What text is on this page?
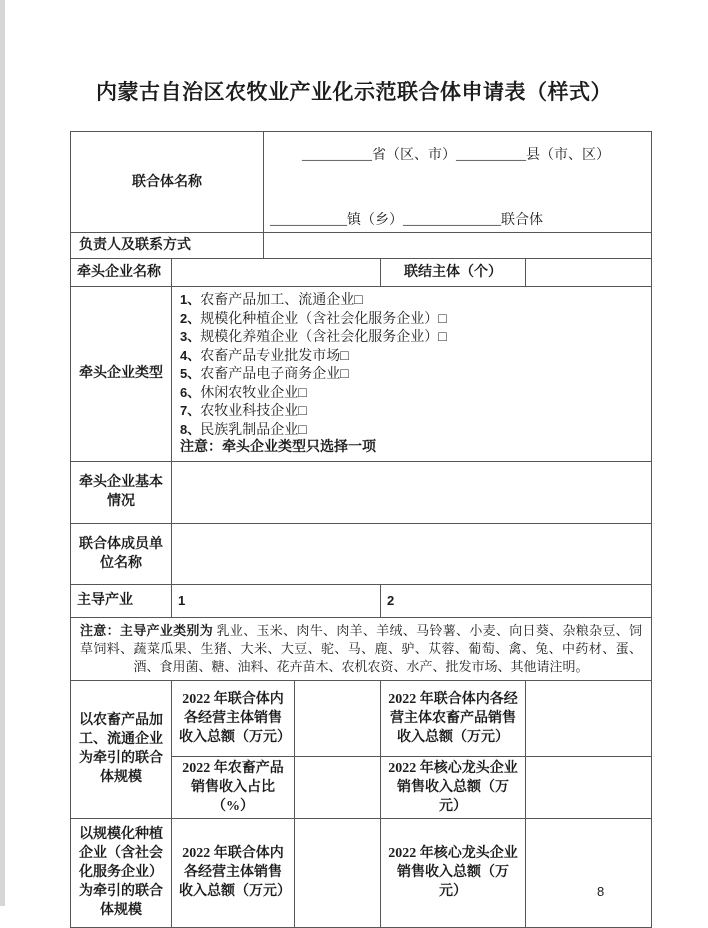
内蒙古自治区农牧业产业化示范联合体申请表（样式）
联合体名称		__________省（区、市）__________县（市、区）
___________镇（乡）______________联合体			

负责人及联系方式					
牵头企业名称				联结主体（个）	
牵头企业类型	
1、农畜产品加工、流通企业□
2、规模化种植企业（含社会化服务企业）□
3、规模化养殖企业（含社会化服务企业）□
4、农畜产品专业批发市场□
5、农畜产品电子商务企业□
6、休闲农牧业企业□
7、农牧业科技企业□
8、民族乳制品企业□
注意：牵头企业类型只选择一项

牵头企业基本情况					
联合体成员单位名称					
主导产业	1			2	
注意：主导产业类别为 乳业、玉米、肉牛、肉羊、羊绒、马铃薯、小麦、向日葵、杂粮杂豆、饲草饲料、蔬菜瓜果、生猪、大米、大豆、驼、马、鹿、驴、苁蓉、葡萄、禽、兔、中药材、蛋、酒、食用菌、糖、油料、花卉苗木、农机农资、水产、批发市场、其他请注明。					
以农畜产品加工、流通企业为牵引的联合体规模	2022 年联合体内各经营主体销售收入总额（万元）			2022 年联合体内各经营主体农畜产品销售收入总额（万元）	
	2022 年农畜产品销售收入占比（%）			2022 年核心龙头企业销售收入总额（万元）	
以规模化种植企业（含社会化服务企业）为牵引的联合体规模	2022 年联合体内各经营主体销售收入总额（万元）			2022 年核心龙头企业销售收入总额（万元）		8
